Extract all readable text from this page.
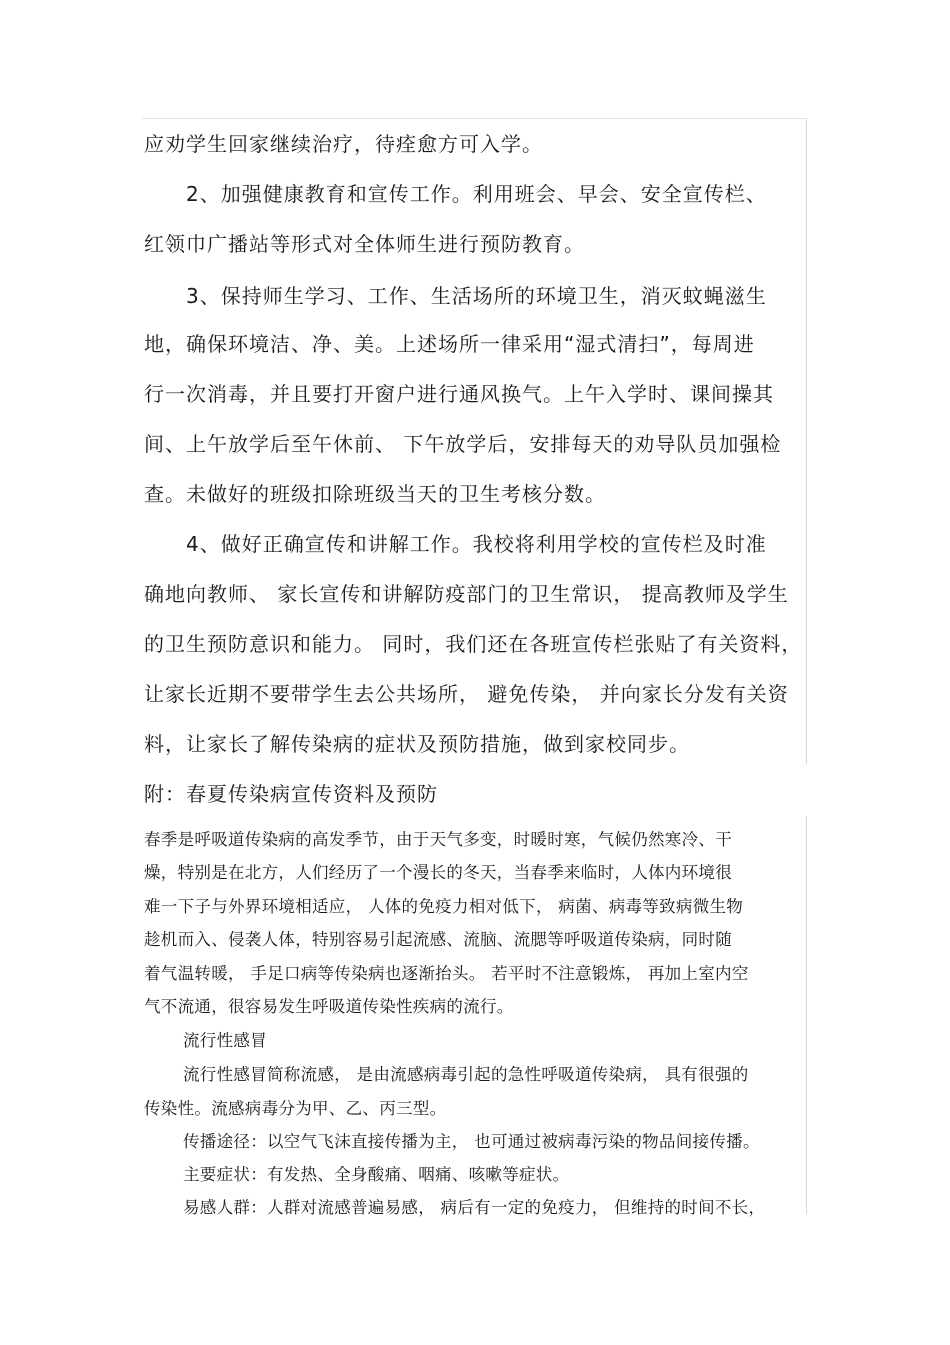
应劝学生回家继续治疗，待痊愈方可入学。

2、加强健康教育和宣传工作。利用班会、早会、安全宣传栏、

红领巾广播站等形式对全体师生进行预防教育。

3、保持师生学习、工作、生活场所的环境卫生，消灭蚊蝇滋生

地，确保环境洁、净、美。上述场所一律采用“湿式清扫”，每周进

行一次消毒，并且要打开窗户进行通风换气。上午入学时、课间操其

间、上午放学后至午休前、 下午放学后，安排每天的劝导队员加强检

查。未做好的班级扣除班级当天的卫生考核分数。

4、做好正确宣传和讲解工作。我校将利用学校的宣传栏及时准

确地向教师、 家长宣传和讲解防疫部门的卫生常识， 提高教师及学生

的卫生预防意识和能力。 同时，我们还在各班宣传栏张贴了有关资料，

让家长近期不要带学生去公共场所， 避免传染， 并向家长分发有关资

料，让家长了解传染病的症状及预防措施，做到家校同步。

附：春夏传染病宣传资料及预防

春季是呼吸道传染病的高发季节，由于天气多变，时暖时寒，气候仍然寒冷、干

燥，特别是在北方，人们经历了一个漫长的冬天，当春季来临时，人体内环境很

难一下子与外界环境相适应， 人体的免疫力相对低下， 病菌、病毒等致病微生物

趁机而入、侵袭人体，特别容易引起流感、流脑、流腮等呼吸道传染病，同时随

着气温转暖， 手足口病等传染病也逐渐抬头。 若平时不注意锻炼， 再加上室内空

气不流通，很容易发生呼吸道传染性疾病的流行。

流行性感冒

流行性感冒简称流感， 是由流感病毒引起的急性呼吸道传染病， 具有很强的

传染性。流感病毒分为甲、乙、丙三型。

传播途径：以空气飞沫直接传播为主， 也可通过被病毒污染的物品间接传播。

主要症状：有发热、全身酸痛、咽痛、咳嗽等症状。

易感人群：人群对流感普遍易感， 病后有一定的免疫力， 但维持的时间不长，
